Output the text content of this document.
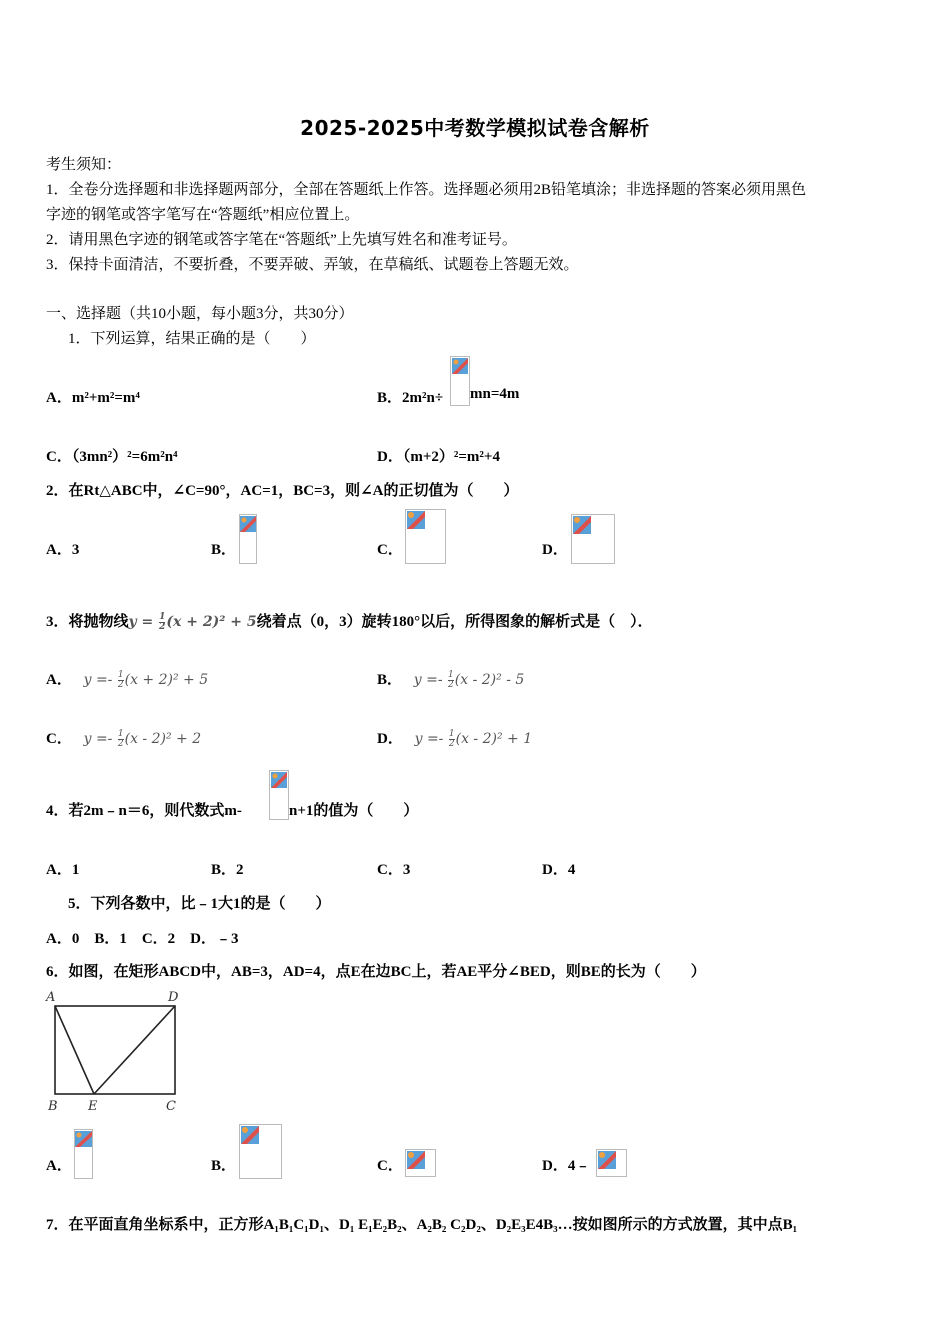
2025-2025中考数学模拟试卷含解析
考生须知：
1．全卷分选择题和非选择题两部分，全部在答题纸上作答。选择题必须用2B铅笔填涂；非选择题的答案必须用黑色
字迹的钢笔或答字笔写在“答题纸”相应位置上。
2．请用黑色字迹的钢笔或答字笔在“答题纸”上先填写姓名和准考证号。
3．保持卡面清洁，不要折叠，不要弄破、弄皱，在草稿纸、试题卷上答题无效。
一、选择题（共10小题，每小题3分，共30分）
1．下列运算，结果正确的是（　　）
A．m²+m²=m⁴	B．2m²n÷ mn=4m
C．（3mn²）²=6m²n⁴	D．（m+2）²=m²+4
2．在Rt△ABC中，∠C=90°，AC=1，BC=3，则∠A的正切值为（　　）
A．3	B．	C．	D．
3．将抛物线$y = \frac{1}{2} (x + 2)^2 + 5$绕着点（0，3）旋转180°以后，所得图象的解析式是（　）．
A． $y =- \frac{1}{2} (x + 2)^2 + 5$	B． $y =- \frac{1}{2} (x - 2)^2 - 5$
C． $y =- \frac{1}{2} (x - 2)^2 + 2$	D． $y =- \frac{1}{2} (x - 2)^2 + 1$
4．若2m﹣n＝6，则代数式m-	n+1的值为（　　）
A．1	B．2	C．3	D．4
5．下列各数中，比﹣1大1的是（　　）
A．0　B．1　C．2　D．﹣3
6．如图，在矩形ABCD中，AB=3，AD=4，点E在边BC上，若AE平分∠BED，则BE的长为（　　）
A	D
B E	C
A．	B．	C．	D．4﹣
7．在平面直角坐标系中，正方形A₁B₁C₁D₁、D₁ E₁E₂B₂、A₂B₂ C₂D₂、D₂E₃E4B₃…按如图所示的方式放置，其中点B₁
